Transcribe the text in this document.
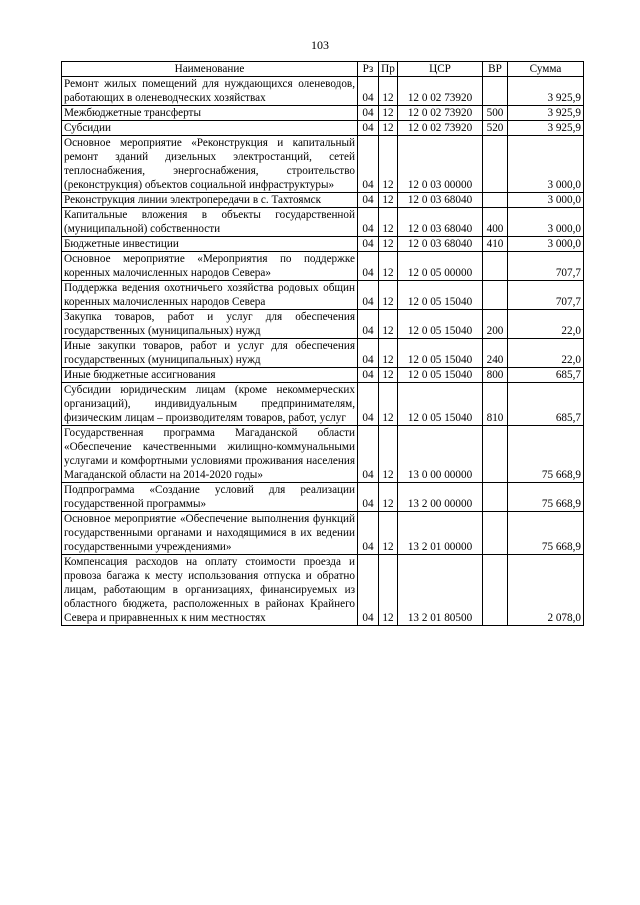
103
Наименование	Рз	Пр	ЦСР	ВР	Сумма
Ремонт жилых помещений для нуждающихся оленеводов, работающих в оленеводческих хозяйствах	04	12	12 0 02 73920		3 925,9
Межбюджетные трансферты	04	12	12 0 02 73920	500	3 925,9
Субсидии	04	12	12 0 02 73920	520	3 925,9
Основное мероприятие «Реконструкция и капитальный ремонт зданий дизельных электростанций, сетей теплоснабжения, энергоснабжения, строительство (реконструкция) объектов социальной инфраструктуры»	04	12	12 0 03 00000		3 000,0
Реконструкция линии электропередачи в с. Тахтоямск	04	12	12 0 03 68040		3 000,0
Капитальные вложения в объекты государственной (муниципальной) собственности	04	12	12 0 03 68040	400	3 000,0
Бюджетные инвестиции	04	12	12 0 03 68040	410	3 000,0
Основное мероприятие «Мероприятия по поддержке коренных малочисленных народов Севера»	04	12	12 0 05 00000		707,7
Поддержка ведения охотничьего хозяйства родовых общин коренных малочисленных народов Севера	04	12	12 0 05 15040		707,7
Закупка товаров, работ и услуг для обеспечения государственных (муниципальных) нужд	04	12	12 0 05 15040	200	22,0
Иные закупки товаров, работ и услуг для обеспечения государственных (муниципальных) нужд	04	12	12 0 05 15040	240	22,0
Иные бюджетные ассигнования	04	12	12 0 05 15040	800	685,7
Субсидии юридическим лицам (кроме некоммерческих организаций), индивидуальным предпринимателям, физическим лицам – производителям товаров, работ, услуг	04	12	12 0 05 15040	810	685,7
Государственная программа Магаданской области «Обеспечение качественными жилищно-коммунальными услугами и комфортными условиями проживания населения Магаданской области на 2014-2020 годы»	04	12	13 0 00 00000		75 668,9
Подпрограмма «Создание условий для реализации государственной программы»	04	12	13 2 00 00000		75 668,9
Основное мероприятие «Обеспечение выполнения функций государственными органами и находящимися в их ведении государственными учреждениями»	04	12	13 2 01 00000		75 668,9
Компенсация расходов на оплату стоимости проезда и провоза багажа к месту использования отпуска и обратно лицам, работающим в организациях, финансируемых из областного бюджета, расположенных в районах Крайнего Севера и приравненных к ним местностях	04	12	13 2 01 80500		2 078,0
